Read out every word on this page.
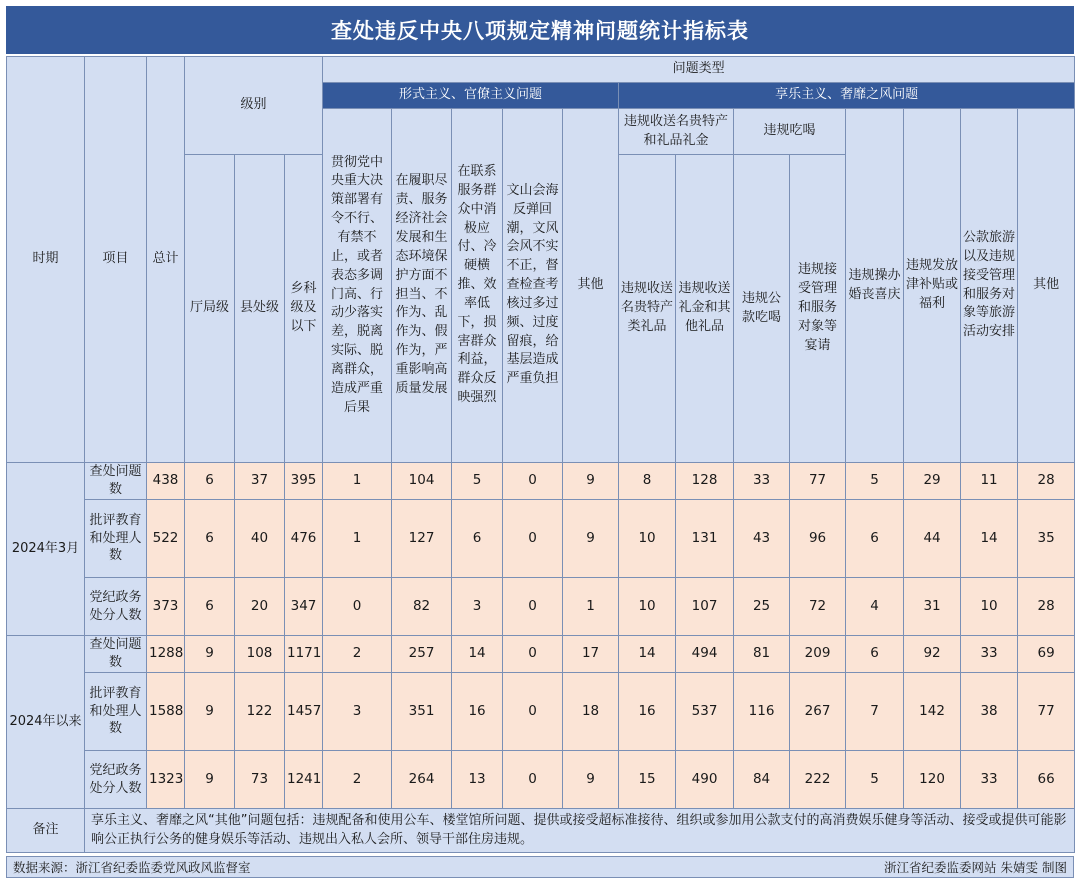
查处违反中央八项规定精神问题统计指标表
时期	项目	总计	级别			问题类型												
						形式主义、官僚主义问题					享乐主义、奢靡之风问题							
						贯彻党中央重大决策部署有令不行、有禁不止，或者表态多调门高、行动少落实差，脱离实际、脱离群众，造成严重后果	在履职尽责、服务经济社会发展和生态环境保护方面不担当、不作为、乱作为、假作为，严重影响高质量发展	在联系服务群众中消极应付、冷硬横推、效率低下，损害群众利益，群众反映强烈	文山会海反弹回潮，文风会风不实不正，督查检查考核过多过频、过度留痕，给基层造成严重负担	其他	违规收送名贵特产和礼品礼金		违规吃喝		违规操办婚丧喜庆	违规发放津补贴或福利	公款旅游以及违规接受管理和服务对象等旅游活动安排	其他
			厅局级	县处级	乡科级及以下						违规收送名贵特产类礼品	违规收送礼金和其他礼品	违规公款吃喝	违规接受管理和服务对象等宴请				

2024年3月	查处问题数	438	6	37	395	1	104	5	0	9	8	128	33	77	5	29	11	28
	批评教育和处理人数	522	6	40	476	1	127	6	0	9	10	131	43	96	6	44	14	35
	党纪政务处分人数	373	6	20	347	0	82	3	0	1	10	107	25	72	4	31	10	28
2024年以来	查处问题数	1288	9	108	1171	2	257	14	0	17	14	494	81	209	6	92	33	69
	批评教育和处理人数	1588	9	122	1457	3	351	16	0	18	16	537	116	267	7	142	38	77
	党纪政务处分人数	1323	9	73	1241	2	264	13	0	9	15	490	84	222	5	120	33	66
备注	享乐主义、奢靡之风“其他”问题包括：违规配备和使用公车、楼堂馆所问题、提供或接受超标准接待、组织或参加用公款支付的高消费娱乐健身等活动、接受或提供可能影响公正执行公务的健身娱乐等活动、违规出入私人会所、领导干部住房违规。																	
数据来源：浙江省纪委监委党风政风监督室	浙江省纪委监委网站 朱婧雯 制图
